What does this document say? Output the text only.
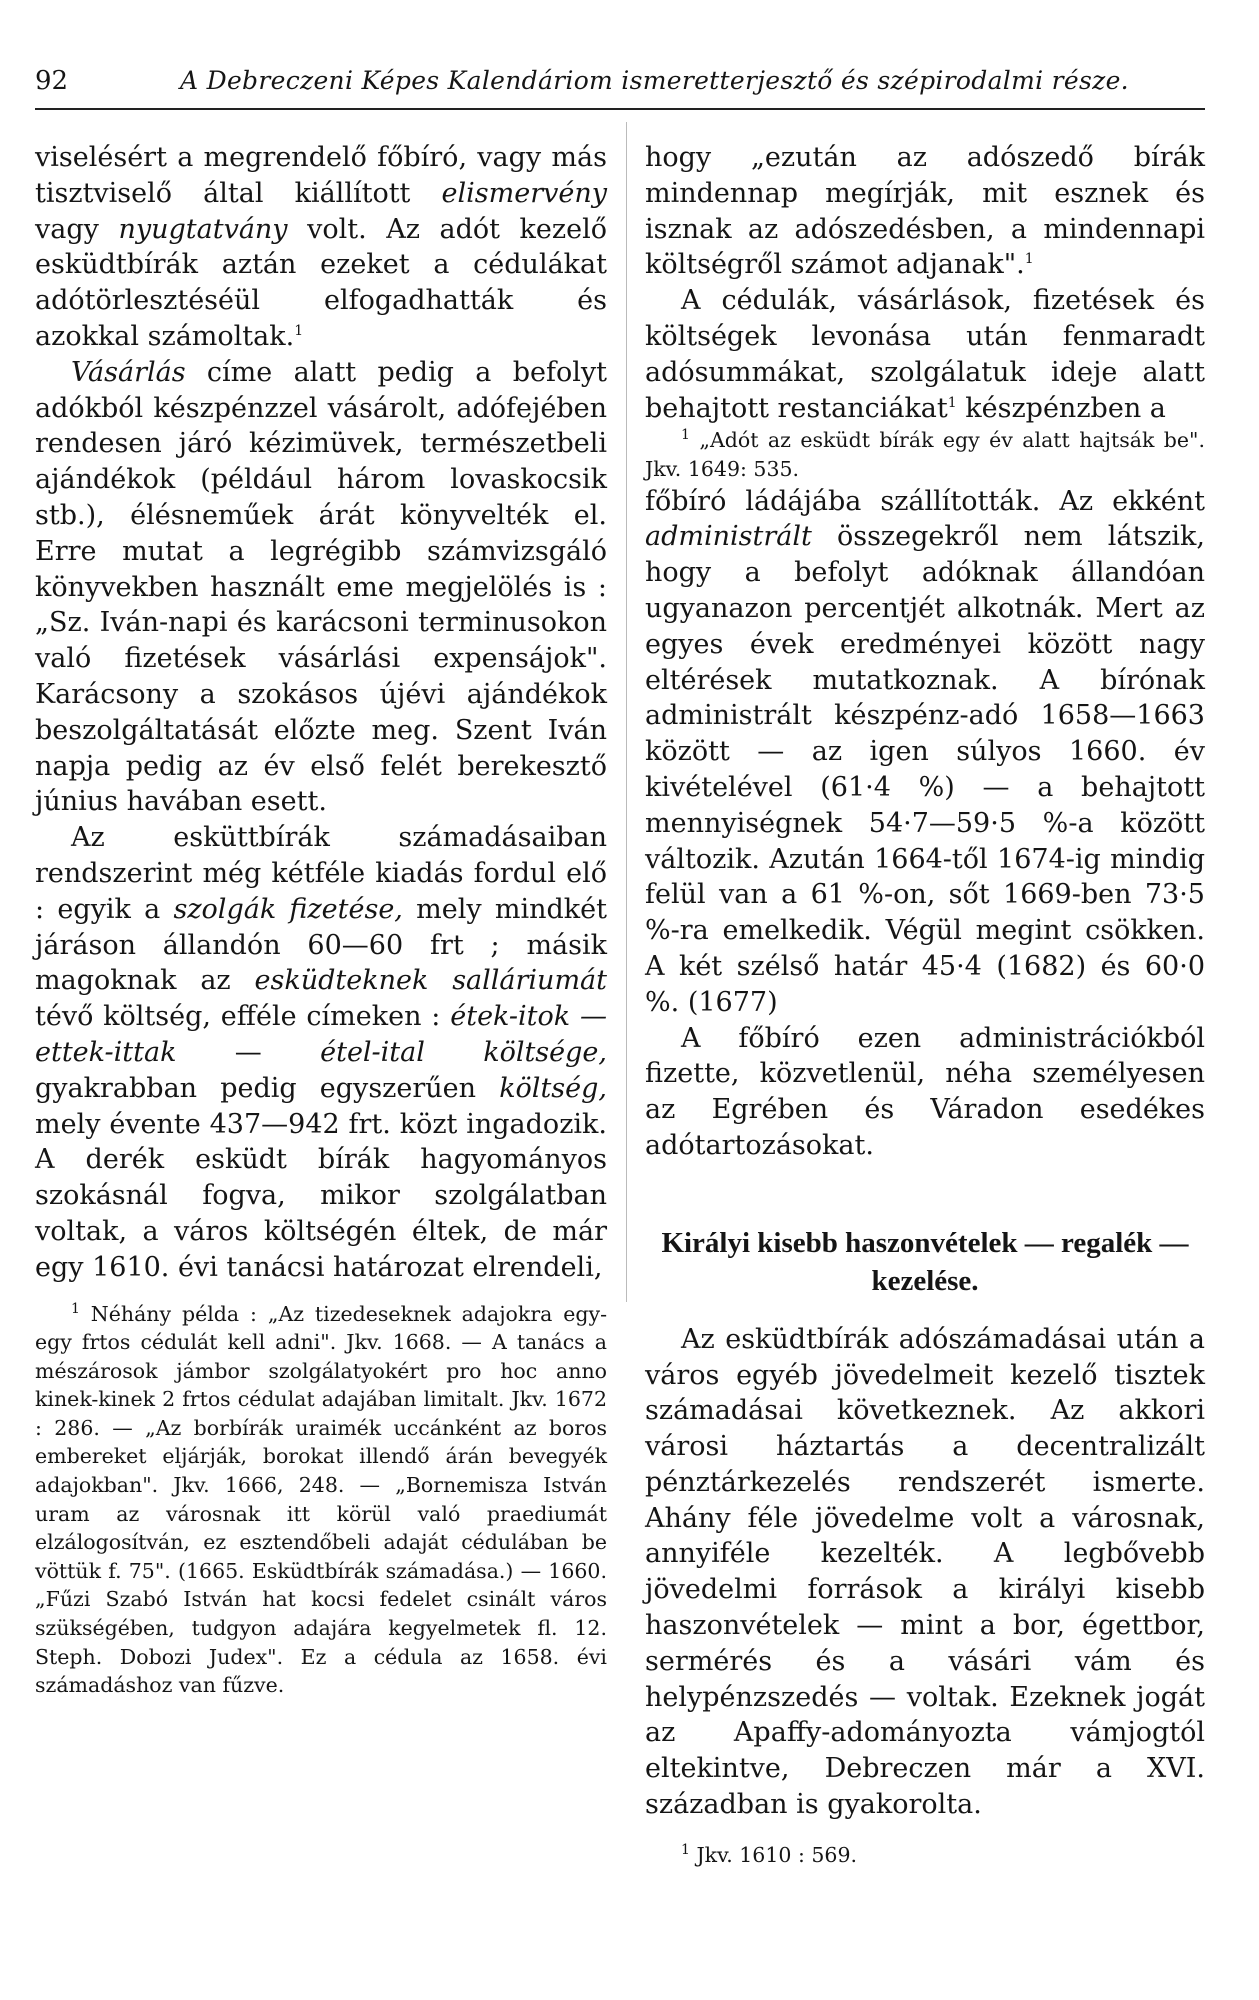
92	A Debreczeni Képes Kalendáriom ismeretterjesztő és szépirodalmi része.

viselésért a megrendelő főbíró, vagy más tisztviselő által kiállított elismervény vagy nyugtatvány volt. Az adót kezelő esküdtbírák aztán ezeket a cédulákat adótörlesztéséül elfogadhatták és azokkal számoltak.$^1$

Vásárlás címe alatt pedig a befolyt adókból készpénzzel vásárolt, adófejében rendesen járó kézimüvek, természetbeli ajándékok (például három lovaskocsik stb.), élésneműek árát könyvelték el. Erre mutat a legrégibb számvizsgáló könyvekben használt eme megjelölés is : „Sz. Iván-napi és karácsoni terminusokon való fizetések vásárlási expensájok". Karácsony a szokásos újévi ajándékok beszolgáltatását előzte meg. Szent Iván napja pedig az év első felét berekesztő június havában esett.

Az esküttbírák számadásaiban rendszerint még kétféle kiadás fordul elő : egyik a szolgák fizetése, mely mindkét járáson állandón 60—60 frt ; másik magoknak az esküdteknek salláriumát tévő költség, efféle címeken : étek-itok — ettek-ittak — étel-ital költsége, gyakrabban pedig egyszerűen költség, mely évente 437—942 frt. közt ingadozik. A derék esküdt bírák hagyományos szokásnál fogva, mikor szolgálatban voltak, a város költségén éltek, de már egy 1610. évi tanácsi határozat elrendeli,

$^1$ Néhány példa : „Az tizedeseknek adajokra egy-egy frtos cédulát kell adni". Jkv. 1668. — A tanács a mészárosok jámbor szolgálatyokért pro hoc anno kinek-kinek 2 frtos cédulat adajában limitalt. Jkv. 1672 : 286. — „Az borbírák uraimék uccánként az boros embereket eljárják, borokat illendő árán bevegyék adajokban". Jkv. 1666, 248. — „Bornemisza István uram az városnak itt körül való praediumát elzálogosítván, ez esztendőbeli adaját cédulában be vöttük f. 75". (1665. Esküdtbírák számadása.) — 1660. „Fűzi Szabó István hat kocsi fedelet csinált város szükségében, tudgyon adajára kegyelmetek fl. 12. Steph. Dobozi Judex". Ez a cédula az 1658. évi számadáshoz van fűzve.

hogy „ezután az adószedő bírák mindennap megírják, mit esznek és isznak az adószedésben, a mindennapi költségről számot adjanak".$^1$

A cédulák, vásárlások, fizetések és költségek levonása után fenmaradt adósummákat, szolgálatuk ideje alatt behajtott restanciákat$^1$ készpénzben a

$^1$ „Adót az esküdt bírák egy év alatt hajtsák be". Jkv. 1649: 535.

főbíró ládájába szállították. Az ekként administrált összegekről nem látszik, hogy a befolyt adóknak állandóan ugyanazon percentjét alkotnák. Mert az egyes évek eredményei között nagy eltérések mutatkoznak. A bírónak administrált készpénz-adó 1658—1663 között — az igen súlyos 1660. év kivételével (61·4 %) — a behajtott mennyiségnek 54·7—59·5 %-a között változik. Azután 1664-től 1674-ig mindig felül van a 61 %-on, sőt 1669-ben 73·5 %-ra emelkedik. Végül megint csökken. A két szélső határ 45·4 (1682) és 60·0 %. (1677)

A főbíró ezen administrációkból fizette, közvetlenül, néha személyesen az Egrében és Váradon esedékes adótartozásokat.

Királyi kisebb haszonvételek — regalék — kezelése.

Az esküdtbírák adószámadásai után a város egyéb jövedelmeit kezelő tisztek számadásai következnek. Az akkori városi háztartás a decentralizált pénztárkezelés rendszerét ismerte. Ahány féle jövedelme volt a városnak, annyiféle kezelték. A legbővebb jövedelmi források a királyi kisebb haszonvételek — mint a bor, égettbor, sermérés és a vásári vám és helypénzszedés — voltak. Ezeknek jogát az Apaffy-adományozta vámjogtól eltekintve, Debreczen már a XVI. században is gyakorolta.

$^1$ Jkv. 1610 : 569.
